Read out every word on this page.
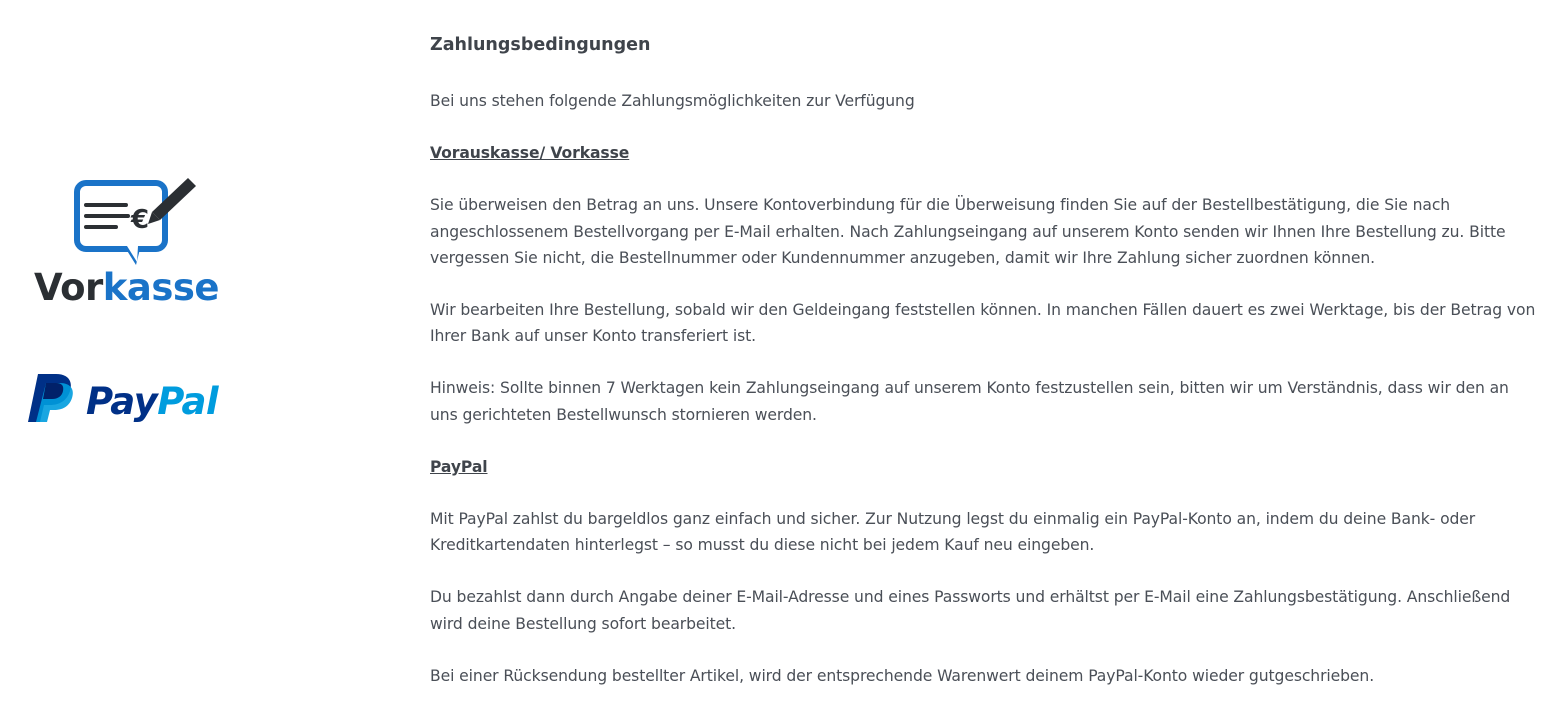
€
Vorkasse
PayPal
Zahlungsbedingungen

Bei uns stehen folgende Zahlungsmöglichkeiten zur Verfügung

Vorauskasse/ Vorkasse

Sie überweisen den Betrag an uns. Unsere Kontoverbindung für die Überweisung finden Sie auf der Bestellbestätigung, die Sie nach angeschlossenem Bestellvorgang per E-Mail erhalten. Nach Zahlungseingang auf unserem Konto senden wir Ihnen Ihre Bestellung zu. Bitte vergessen Sie nicht, die Bestellnummer oder Kundennummer anzugeben, damit wir Ihre Zahlung sicher zuordnen können.

Wir bearbeiten Ihre Bestellung, sobald wir den Geldeingang feststellen können. In manchen Fällen dauert es zwei Werktage, bis der Betrag von Ihrer Bank auf unser Konto transferiert ist.

Hinweis: Sollte binnen 7 Werktagen kein Zahlungseingang auf unserem Konto festzustellen sein, bitten wir um Verständnis, dass wir den an uns gerichteten Bestellwunsch stornieren werden.

PayPal

Mit PayPal zahlst du bargeldlos ganz einfach und sicher. Zur Nutzung legst du einmalig ein PayPal-Konto an, indem du deine Bank- oder Kreditkartendaten hinterlegst – so musst du diese nicht bei jedem Kauf neu eingeben.

Du bezahlst dann durch Angabe deiner E-Mail-Adresse und eines Passworts und erhältst per E-Mail eine Zahlungsbestätigung. Anschließend wird deine Bestellung sofort bearbeitet.

Bei einer Rücksendung bestellter Artikel, wird der entsprechende Warenwert deinem PayPal-Konto wieder gutgeschrieben.
